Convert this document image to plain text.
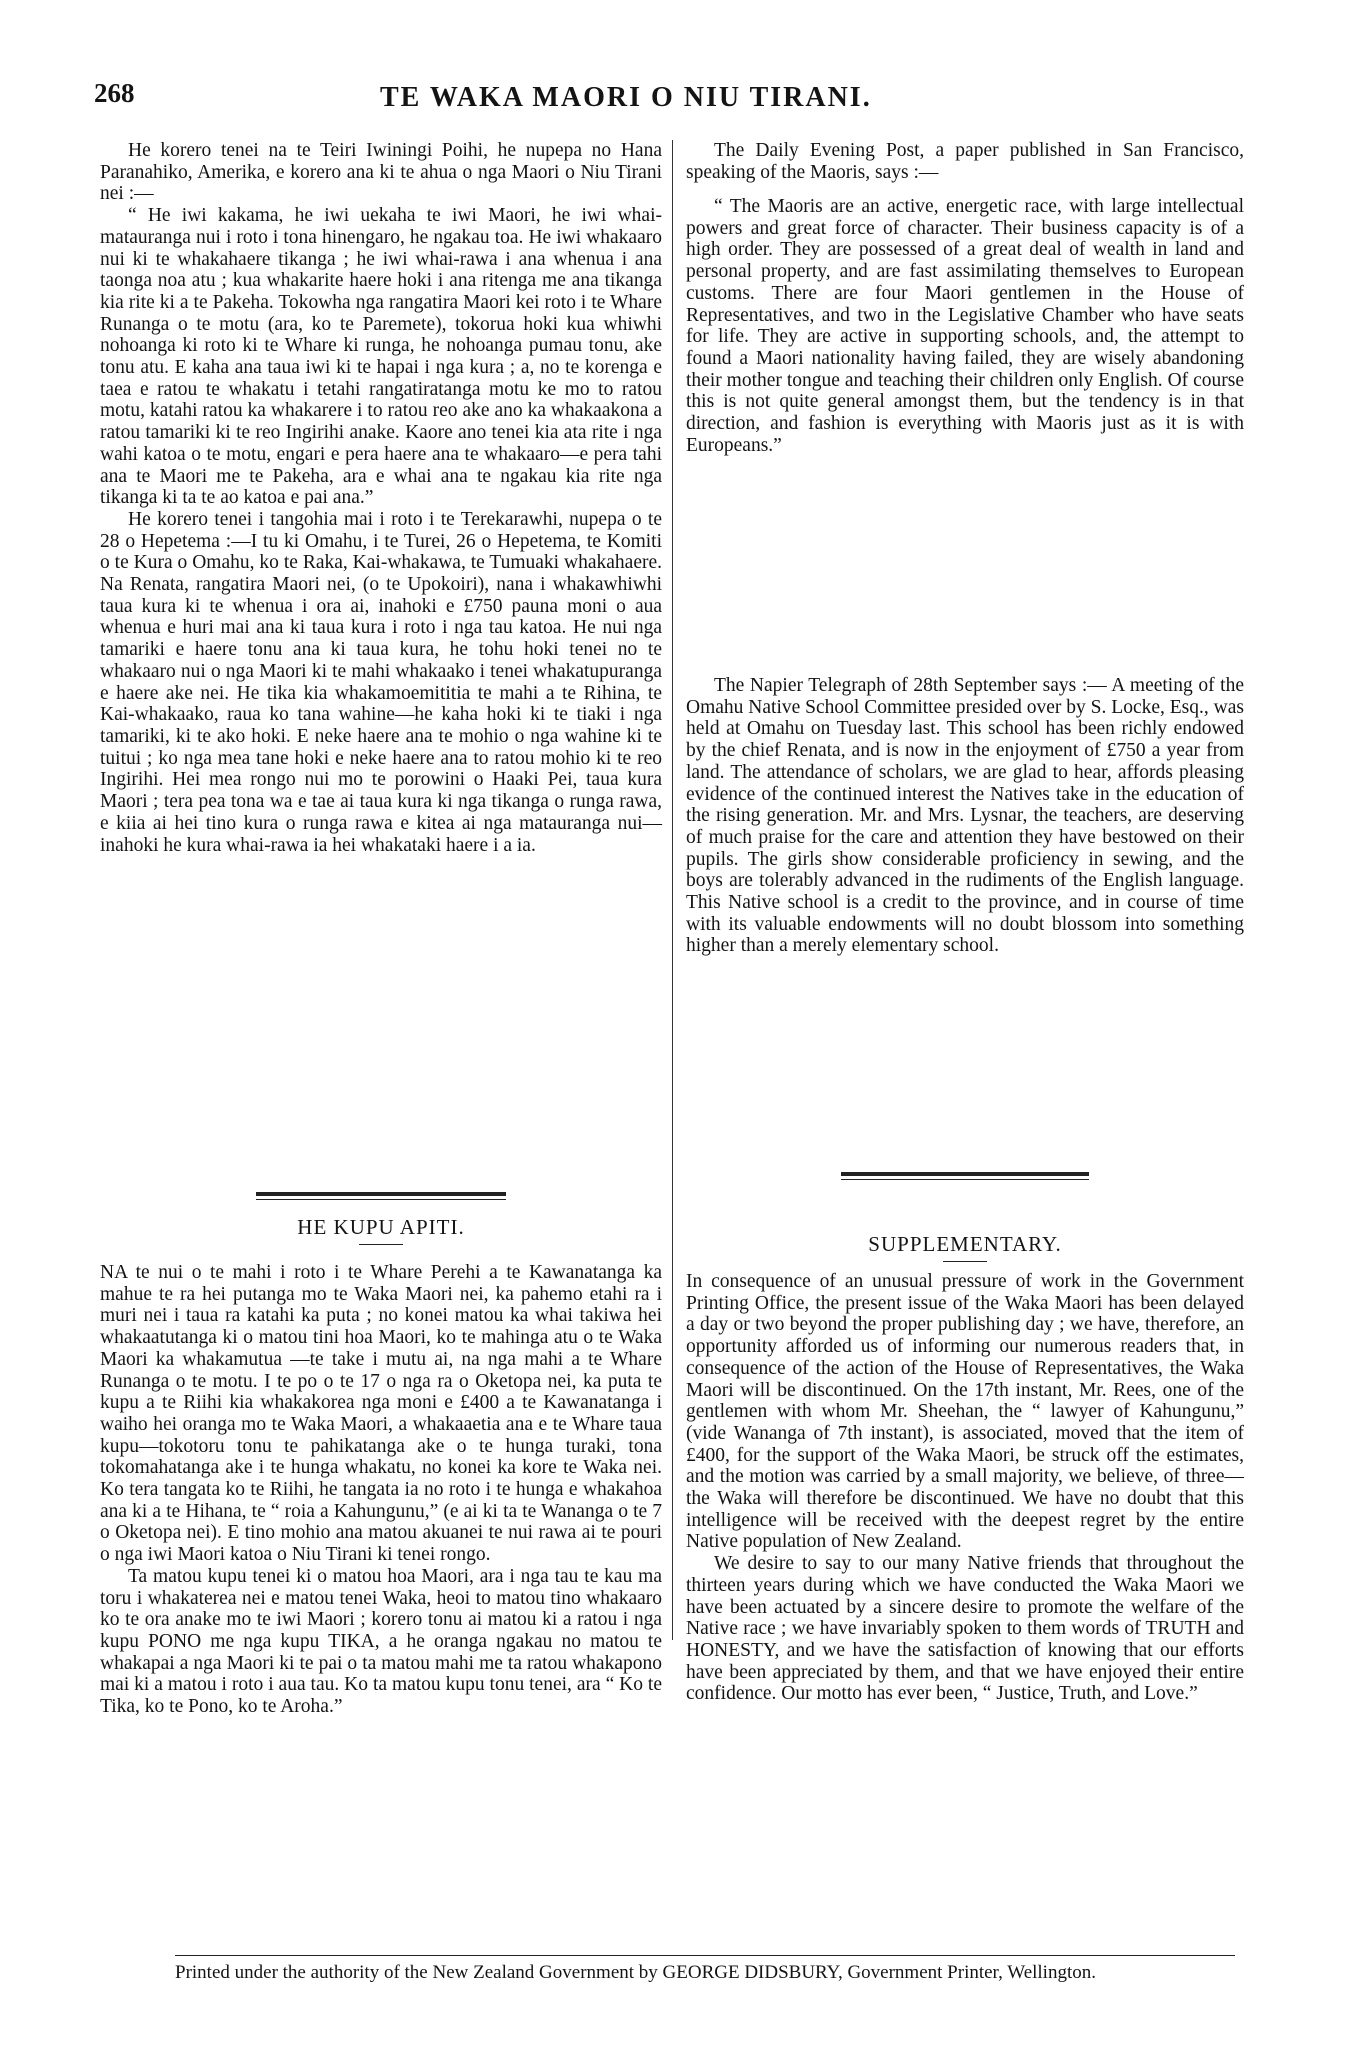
268	TE WAKA MAORI O NIU TIRANI.

He korero tenei na te Teiri Iwiningi Poihi, he nupepa no Hana Paranahiko, Amerika, e korero ana ki te ahua o nga Maori o Niu Tirani nei :—

“ He iwi kakama, he iwi uekaha te iwi Maori, he iwi whai-matauranga nui i roto i tona hinengaro, he ngakau toa. He iwi whakaaro nui ki te whakahaere tikanga ; he iwi whai-rawa i ana whenua i ana taonga noa atu ; kua whakarite haere hoki i ana ritenga me ana tikanga kia rite ki a te Pakeha. Tokowha nga rangatira Maori kei roto i te Whare Runanga o te motu (ara, ko te Paremete), tokorua hoki kua whiwhi nohoanga ki roto ki te Whare ki runga, he nohoanga pumau tonu, ake tonu atu. E kaha ana taua iwi ki te hapai i nga kura ; a, no te korenga e taea e ratou te whakatu i tetahi rangatiratanga motu ke mo to ratou motu, katahi ratou ka whakarere i to ratou reo ake ano ka whakaakona a ratou tamariki ki te reo Ingirihi anake. Kaore ano tenei kia ata rite i nga wahi katoa o te motu, engari e pera haere ana te whakaaro—e pera tahi ana te Maori me te Pakeha, ara e whai ana te ngakau kia rite nga tikanga ki ta te ao katoa e pai ana.”

He korero tenei i tangohia mai i roto i te Terekarawhi, nupepa o te 28 o Hepetema :—I tu ki Omahu, i te Turei, 26 o Hepetema, te Komiti o te Kura o Omahu, ko te Raka, Kai-whakawa, te Tumuaki whakahaere. Na Renata, rangatira Maori nei, (o te Upokoiri), nana i whakawhiwhi taua kura ki te whenua i ora ai, inahoki e £750 pauna moni o aua whenua e huri mai ana ki taua kura i roto i nga tau katoa. He nui nga tamariki e haere tonu ana ki taua kura, he tohu hoki tenei no te whakaaro nui o nga Maori ki te mahi whakaako i tenei whakatupuranga e haere ake nei. He tika kia whakamoemititia te mahi a te Rihina, te Kai-whakaako, raua ko tana wahine—he kaha hoki ki te tiaki i nga tamariki, ki te ako hoki. E neke haere ana te mohio o nga wahine ki te tuitui ; ko nga mea tane hoki e neke haere ana to ratou mohio ki te reo Ingirihi. Hei mea rongo nui mo te porowini o Haaki Pei, taua kura Maori ; tera pea tona wa e tae ai taua kura ki nga tikanga o runga rawa, e kiia ai hei tino kura o runga rawa e kitea ai nga matauranga nui—inahoki he kura whai-rawa ia hei whakataki haere i a ia.

HE KUPU APITI.

NA te nui o te mahi i roto i te Whare Perehi a te Kawanatanga ka mahue te ra hei putanga mo te Waka Maori nei, ka pahemo etahi ra i muri nei i taua ra katahi ka puta ; no konei matou ka whai takiwa hei whakaatutanga ki o matou tini hoa Maori, ko te mahinga atu o te Waka Maori ka whakamutua —te take i mutu ai, na nga mahi a te Whare Runanga o te motu. I te po o te 17 o nga ra o Oketopa nei, ka puta te kupu a te Riihi kia whakakorea nga moni e £400 a te Kawanatanga i waiho hei oranga mo te Waka Maori, a whakaaetia ana e te Whare taua kupu—tokotoru tonu te pahikatanga ake o te hunga turaki, tona tokomahatanga ake i te hunga whakatu, no konei ka kore te Waka nei. Ko tera tangata ko te Riihi, he tangata ia no roto i te hunga e whakahoa ana ki a te Hihana, te “ roia a Kahungunu,” (e ai ki ta te Wananga o te 7 o Oketopa nei). E tino mohio ana matou akuanei te nui rawa ai te pouri o nga iwi Maori katoa o Niu Tirani ki tenei rongo.

Ta matou kupu tenei ki o matou hoa Maori, ara i nga tau te kau ma toru i whakaterea nei e matou tenei Waka, heoi to matou tino whakaaro ko te ora anake mo te iwi Maori ; korero tonu ai matou ki a ratou i nga kupu PONO me nga kupu TIKA, a he oranga ngakau no matou te whakapai a nga Maori ki te pai o ta matou mahi me ta ratou whakapono mai ki a matou i roto i aua tau. Ko ta matou kupu tonu tenei, ara “ Ko te Tika, ko te Pono, ko te Aroha.”

The Daily Evening Post, a paper published in San Francisco, speaking of the Maoris, says :—

“ The Maoris are an active, energetic race, with large intellectual powers and great force of character. Their business capacity is of a high order. They are possessed of a great deal of wealth in land and personal property, and are fast assimilating themselves to European customs. There are four Maori gentlemen in the House of Representatives, and two in the Legislative Chamber who have seats for life. They are active in supporting schools, and, the attempt to found a Maori nationality having failed, they are wisely abandoning their mother tongue and teaching their children only English. Of course this is not quite general amongst them, but the tendency is in that direction, and fashion is everything with Maoris just as it is with Europeans.”

The Napier Telegraph of 28th September says :— A meeting of the Omahu Native School Committee presided over by S. Locke, Esq., was held at Omahu on Tuesday last. This school has been richly endowed by the chief Renata, and is now in the enjoyment of £750 a year from land. The attendance of scholars, we are glad to hear, affords pleasing evidence of the continued interest the Natives take in the education of the rising generation. Mr. and Mrs. Lysnar, the teachers, are deserving of much praise for the care and attention they have bestowed on their pupils. The girls show considerable proficiency in sewing, and the boys are tolerably advanced in the rudiments of the English language. This Native school is a credit to the province, and in course of time with its valuable endowments will no doubt blossom into something higher than a merely elementary school.

SUPPLEMENTARY.

In consequence of an unusual pressure of work in the Government Printing Office, the present issue of the Waka Maori has been delayed a day or two beyond the proper publishing day ; we have, therefore, an opportunity afforded us of informing our numerous readers that, in consequence of the action of the House of Representatives, the Waka Maori will be discontinued. On the 17th instant, Mr. Rees, one of the gentlemen with whom Mr. Sheehan, the “ lawyer of Kahungunu,” (vide Wananga of 7th instant), is associated, moved that the item of £400, for the support of the Waka Maori, be struck off the estimates, and the motion was carried by a small majority, we believe, of three—the Waka will therefore be discontinued. We have no doubt that this intelligence will be received with the deepest regret by the entire Native population of New Zealand.

We desire to say to our many Native friends that throughout the thirteen years during which we have conducted the Waka Maori we have been actuated by a sincere desire to promote the welfare of the Native race ; we have invariably spoken to them words of TRUTH and HONESTY, and we have the satisfaction of knowing that our efforts have been appreciated by them, and that we have enjoyed their entire confidence. Our motto has ever been, “ Justice, Truth, and Love.”

Printed under the authority of the New Zealand Government by GEORGE DIDSBURY, Government Printer, Wellington.
